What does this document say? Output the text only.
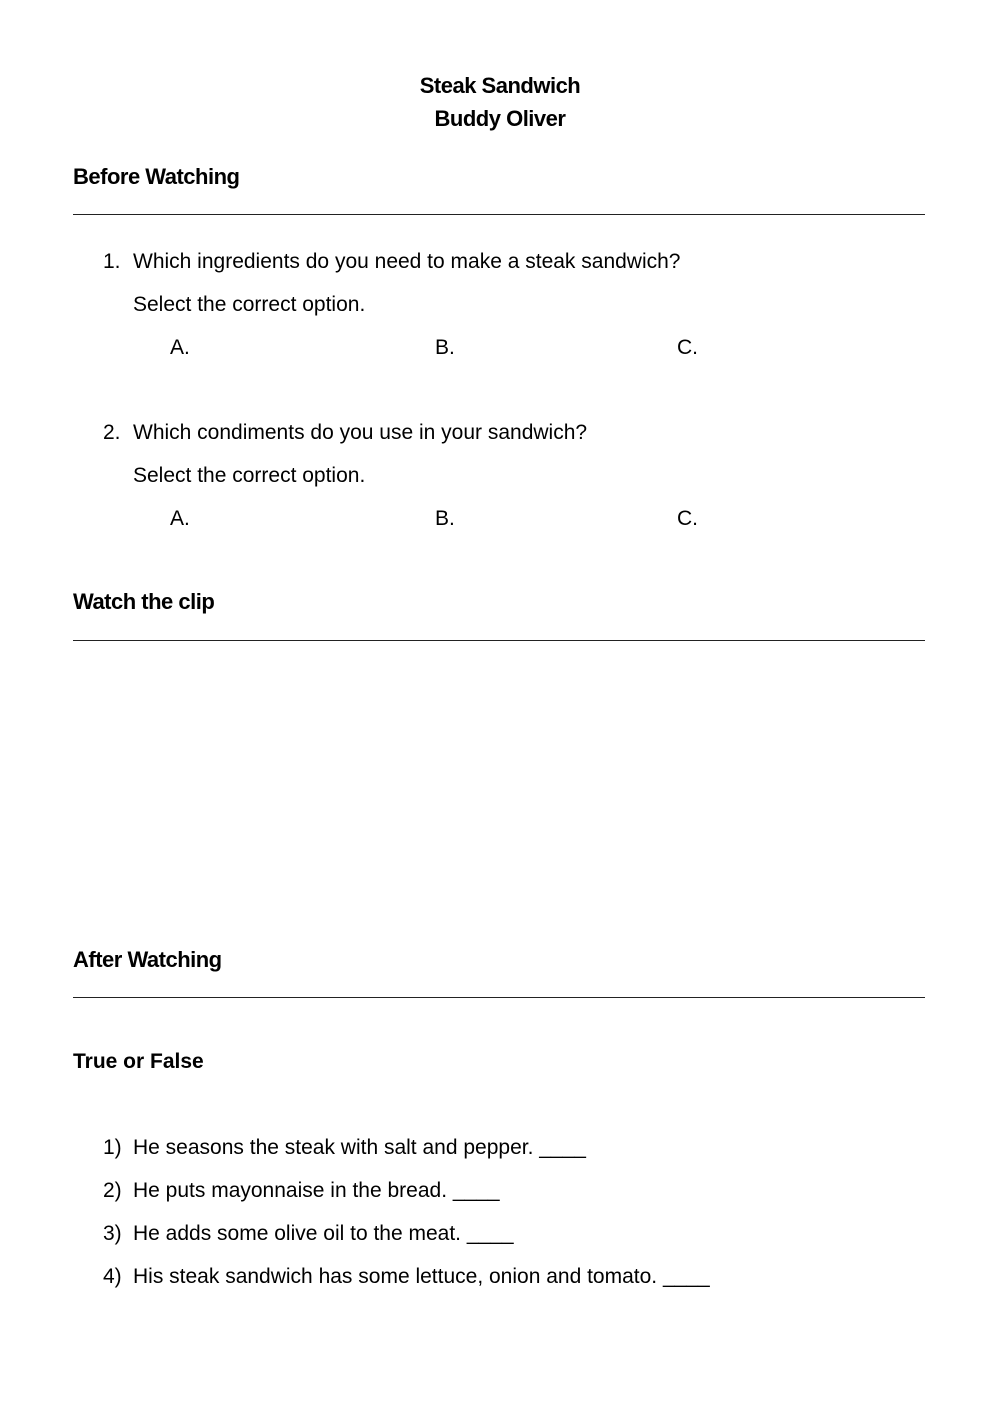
Steak Sandwich
Buddy Oliver
Before Watching
1. Which ingredients do you need to make a steak sandwich?
Select the correct option.
A.	B.	C.
2. Which condiments do you use in your sandwich?
Select the correct option.
A.	B.	C.
Watch the clip
After Watching
True or False
1) He seasons the steak with salt and pepper. ____
2) He puts mayonnaise in the bread. ____
3) He adds some olive oil to the meat. ____
4) His steak sandwich has some lettuce, onion and tomato. ____
